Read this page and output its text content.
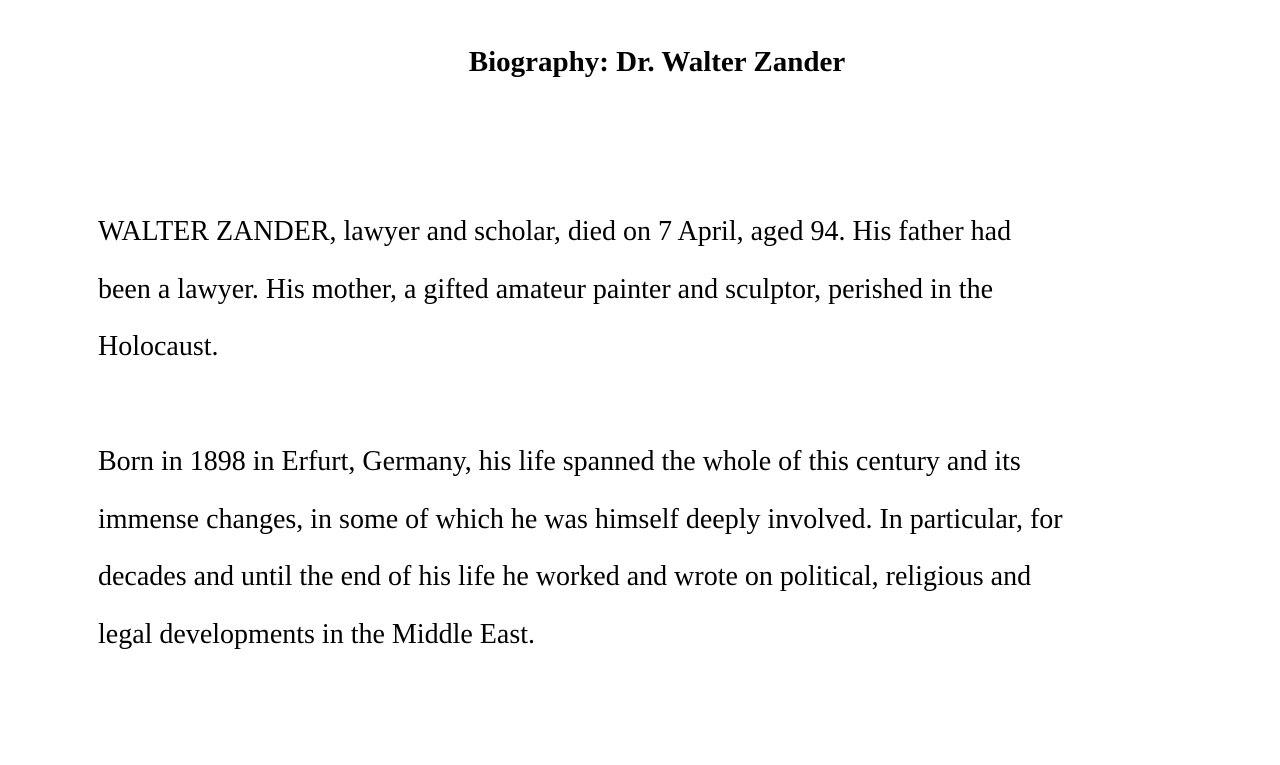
Biography: Dr. Walter Zander

WALTER ZANDER, lawyer and scholar, died on 7 April, aged 94. His father had
been a lawyer. His mother, a gifted amateur painter and sculptor, perished in the
Holocaust.

Born in 1898 in Erfurt, Germany, his life spanned the whole of this century and its
immense changes, in some of which he was himself deeply involved. In particular, for
decades and until the end of his life he worked and wrote on political, religious and
legal developments in the Middle East.
